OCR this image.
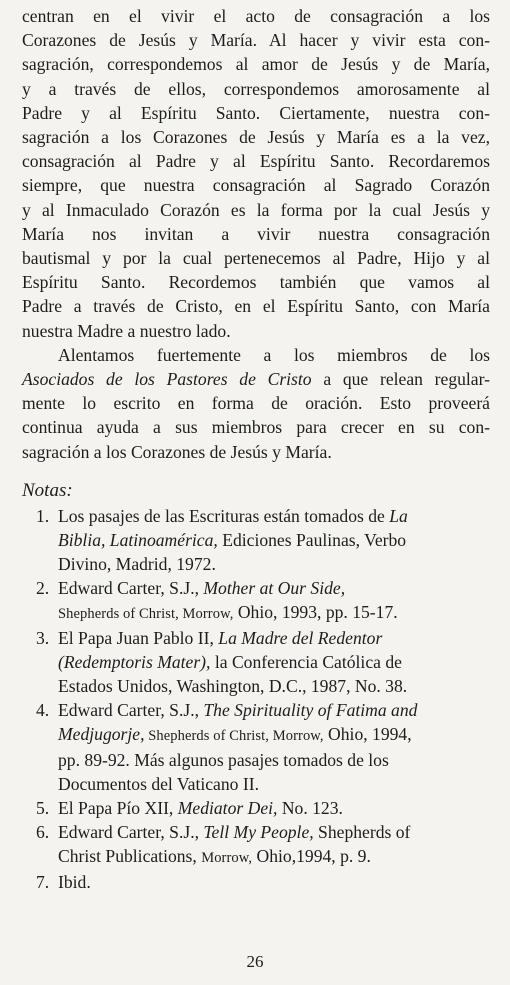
centran en el vivir el acto de consagración a los
Corazones de Jesús y María. Al hacer y vivir esta con-
sagración, correspondemos al amor de Jesús y de María,
y a través de ellos, correspondemos amorosamente al
Padre y al Espíritu Santo. Ciertamente, nuestra con-
sagración a los Corazones de Jesús y María es a la vez,
consagración al Padre y al Espíritu Santo. Recordaremos
siempre, que nuestra consagración al Sagrado Corazón
y al Inmaculado Corazón es la forma por la cual Jesús y
María nos invitan a vivir nuestra consagración
bautismal y por la cual pertenecemos al Padre, Hijo y al
Espíritu Santo. Recordemos también que vamos al
Padre a través de Cristo, en el Espíritu Santo, con María
nuestra Madre a nuestro lado.
Alentamos fuertemente a los miembros de los
Asociados de los Pastores de Cristo a que relean regular-
mente lo escrito en forma de oración. Esto proveerá
continua ayuda a sus miembros para crecer en su con-
sagración a los Corazones de Jesús y María.
Notas:
1. Los pasajes de las Escrituras están tomados de La
Biblia, Latinoamérica, Ediciones Paulinas, Verbo
Divino, Madrid, 1972.
2. Edward Carter, S.J., Mother at Our Side,
Shepherds of Christ, Morrow, Ohio, 1993, pp. 15-17.
3. El Papa Juan Pablo II, La Madre del Redentor
(Redemptoris Mater), la Conferencia Católica de
Estados Unidos, Washington, D.C., 1987, No. 38.
4. Edward Carter, S.J., The Spirituality of Fatima and
Medjugorje, Shepherds of Christ, Morrow, Ohio, 1994,
pp. 89-92. Más algunos pasajes tomados de los
Documentos del Vaticano II.
5. El Papa Pío XII, Mediator Dei, No. 123.
6. Edward Carter, S.J., Tell My People, Shepherds of
Christ Publications, Morrow, Ohio,1994, p. 9.
7. Ibid.
26
